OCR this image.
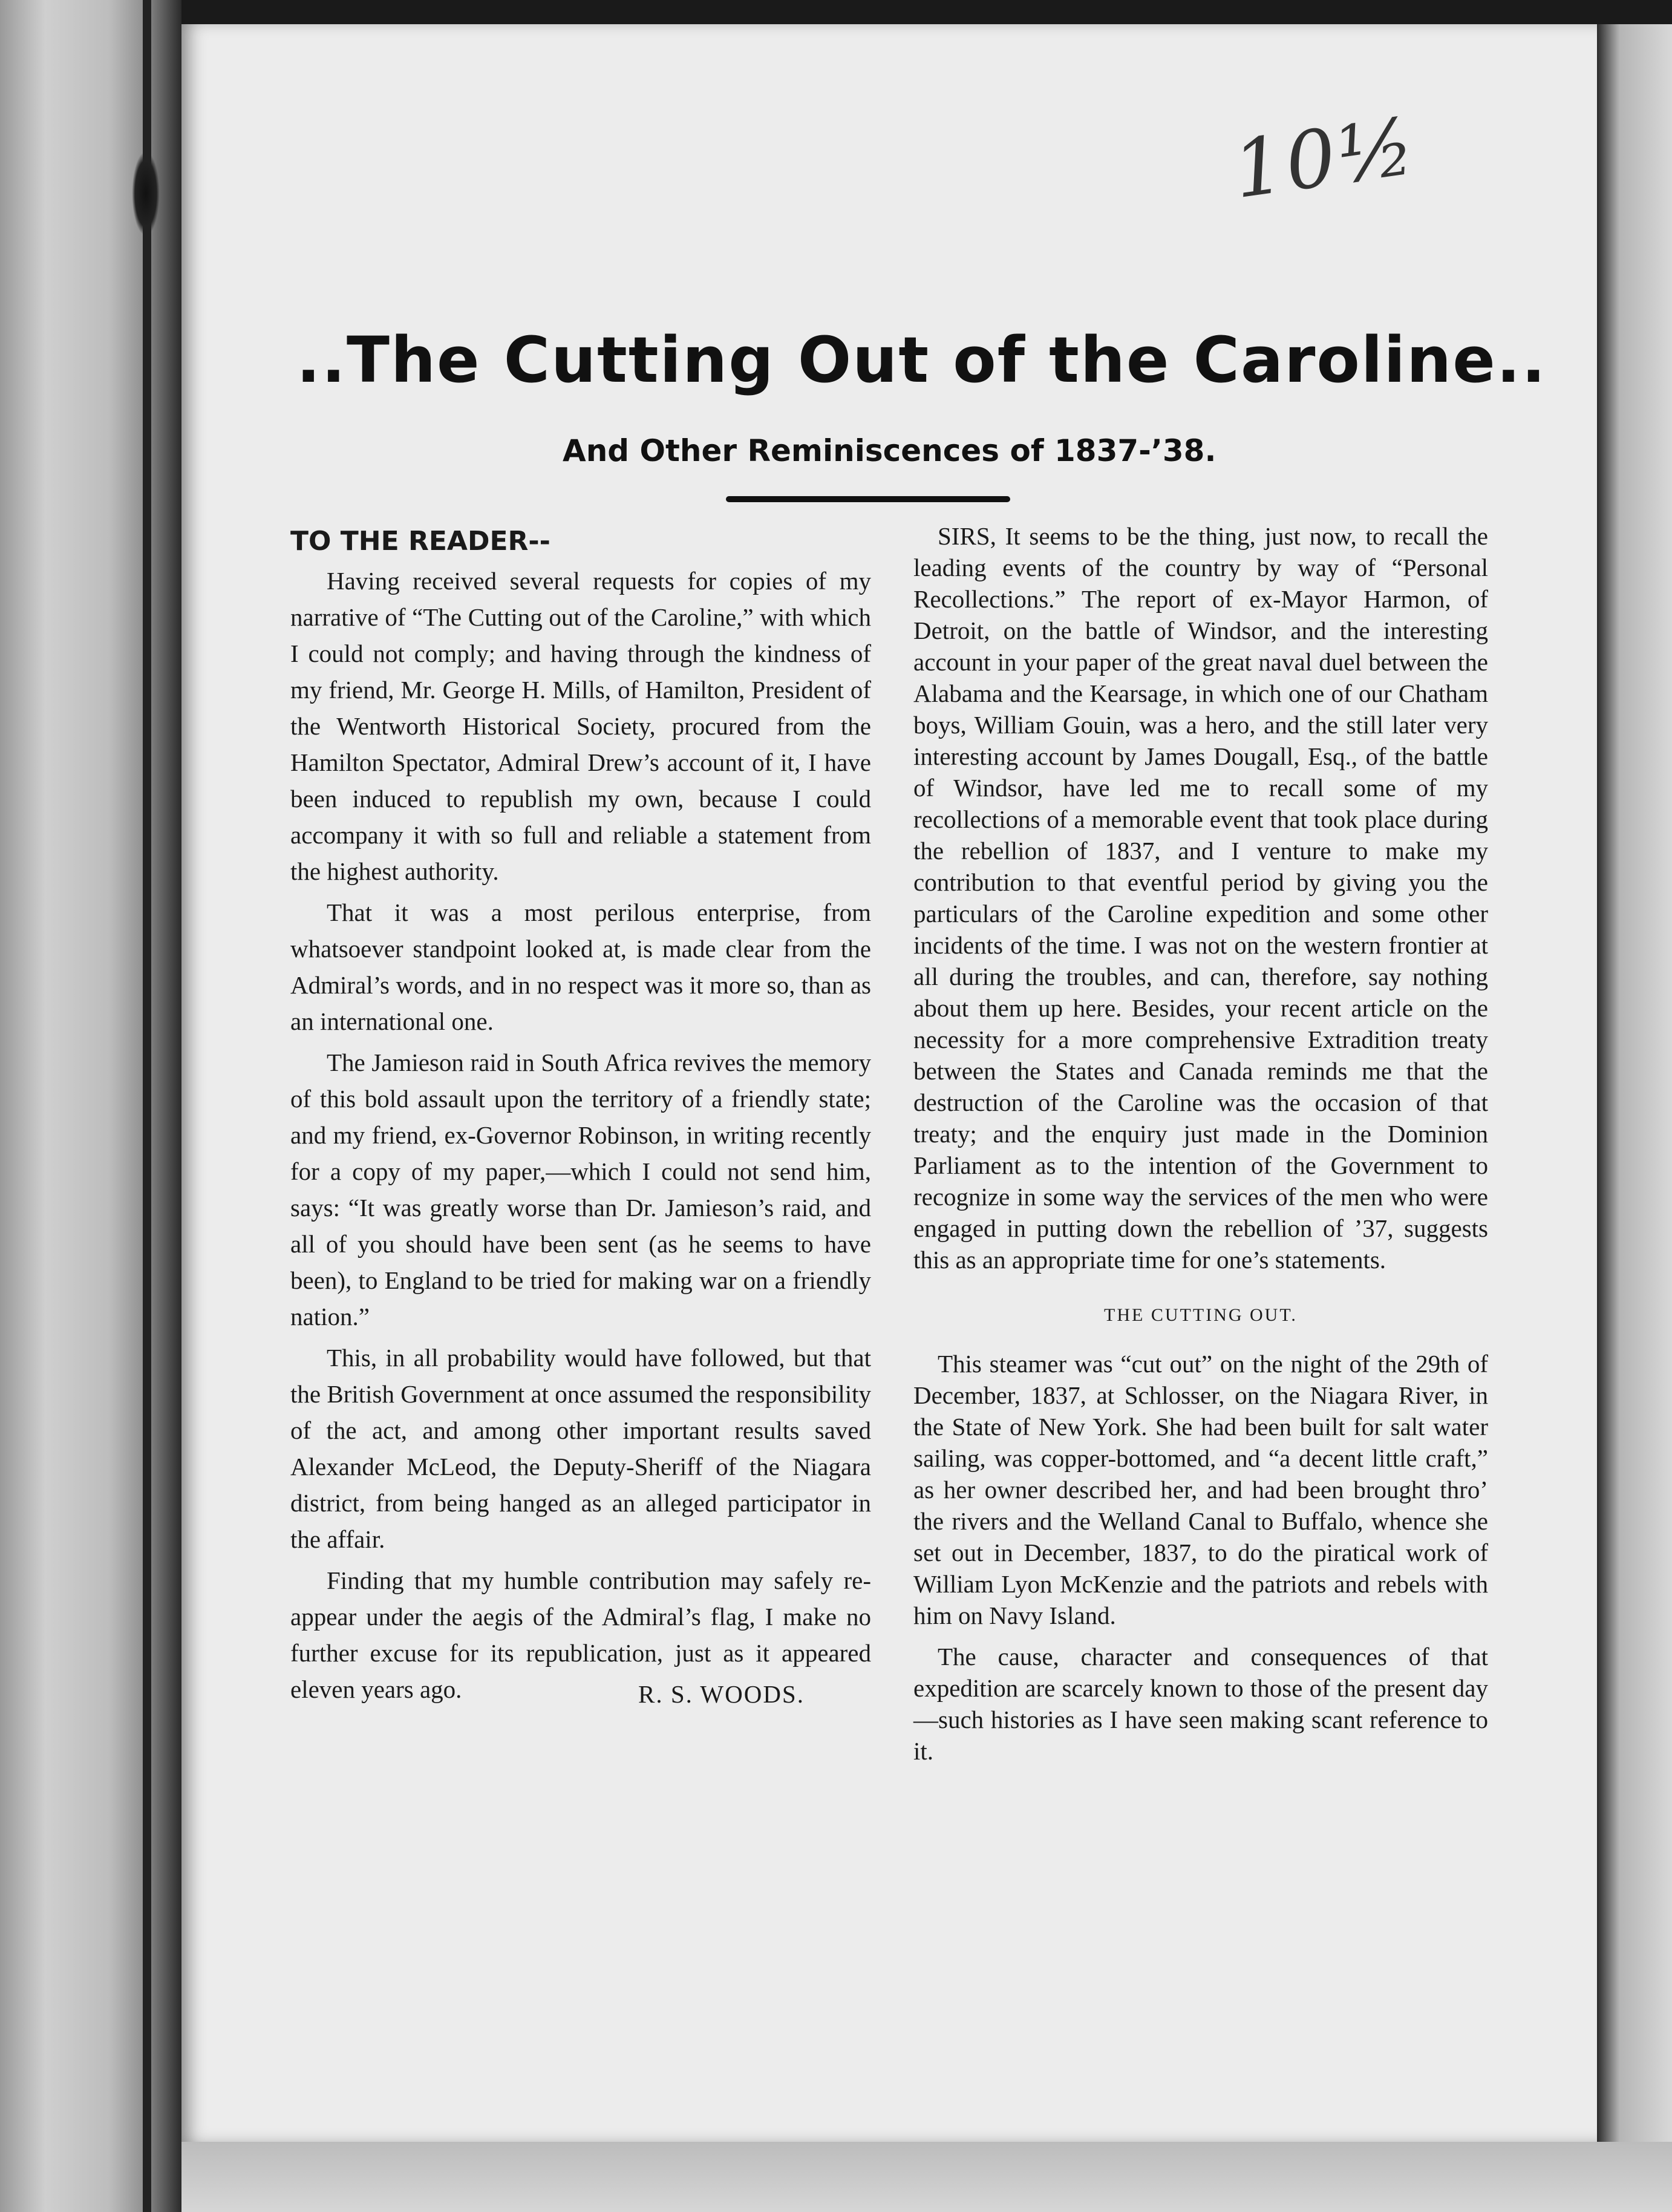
10½
..The Cutting Out of the Caroline..
And Other Reminiscences of 1837-’38.
TO THE READER--

Having received several requests for copies of my narrative of “The Cutting out of the Caroline,” with which I could not comply; and having through the kindness of my friend, Mr. George H. Mills, of Hamilton, President of the Wentworth Historical Society, procured from the Hamilton Spectator, Admiral Drew’s account of it, I have been induced to republish my own, because I could accompany it with so full and reliable a statement from the highest authority.

That it was a most perilous enterprise, from whatsoever standpoint looked at, is made clear from the Admiral’s words, and in no respect was it more so, than as an international one.

The Jamieson raid in South Africa revives the memory of this bold assault upon the territory of a friendly state; and my friend, ex-Governor Robinson, in writing recently for a copy of my paper,—which I could not send him, says: “It was greatly worse than Dr. Jamieson’s raid, and all of you should have been sent (as he seems to have been), to England to be tried for making war on a friendly nation.”

This, in all probability would have followed, but that the British Government at once assumed the responsibility of the act, and among other important results saved Alexander McLeod, the Deputy-Sheriff of the Niagara district, from being hanged as an alleged participator in the affair.

Finding that my humble contribution may safely re-appear under the aegis of the Admiral’s flag, I make no further excuse for its republication, just as it appeared eleven years ago.	R. S. WOODS.

SIRS, It seems to be the thing, just now, to recall the leading events of the country by way of “Personal Recollections.” The report of ex-Mayor Harmon, of Detroit, on the battle of Windsor, and the interesting account in your paper of the great naval duel between the Alabama and the Kearsage, in which one of our Chatham boys, William Gouin, was a hero, and the still later very interesting account by James Dougall, Esq., of the battle of Windsor, have led me to recall some of my recollections of a memorable event that took place during the rebellion of 1837, and I venture to make my contribution to that eventful period by giving you the particulars of the Caroline expedition and some other incidents of the time. I was not on the western frontier at all during the troubles, and can, therefore, say nothing about them up here. Besides, your recent article on the necessity for a more comprehensive Extradition treaty between the States and Canada reminds me that the destruction of the Caroline was the occasion of that treaty; and the enquiry just made in the Dominion Parliament as to the intention of the Government to recognize in some way the services of the men who were engaged in putting down the rebellion of ’37, suggests this as an appropriate time for one’s statements.

THE CUTTING OUT.

This steamer was “cut out” on the night of the 29th of December, 1837, at Schlosser, on the Niagara River, in the State of New York. She had been built for salt water sailing, was copper-bottomed, and “a decent little craft,” as her owner described her, and had been brought thro’ the rivers and the Welland Canal to Buffalo, whence she set out in December, 1837, to do the piratical work of William Lyon McKenzie and the patriots and rebels with him on Navy Island.

The cause, character and consequences of that expedition are scarcely known to those of the present day—such histories as I have seen making scant reference to it.
